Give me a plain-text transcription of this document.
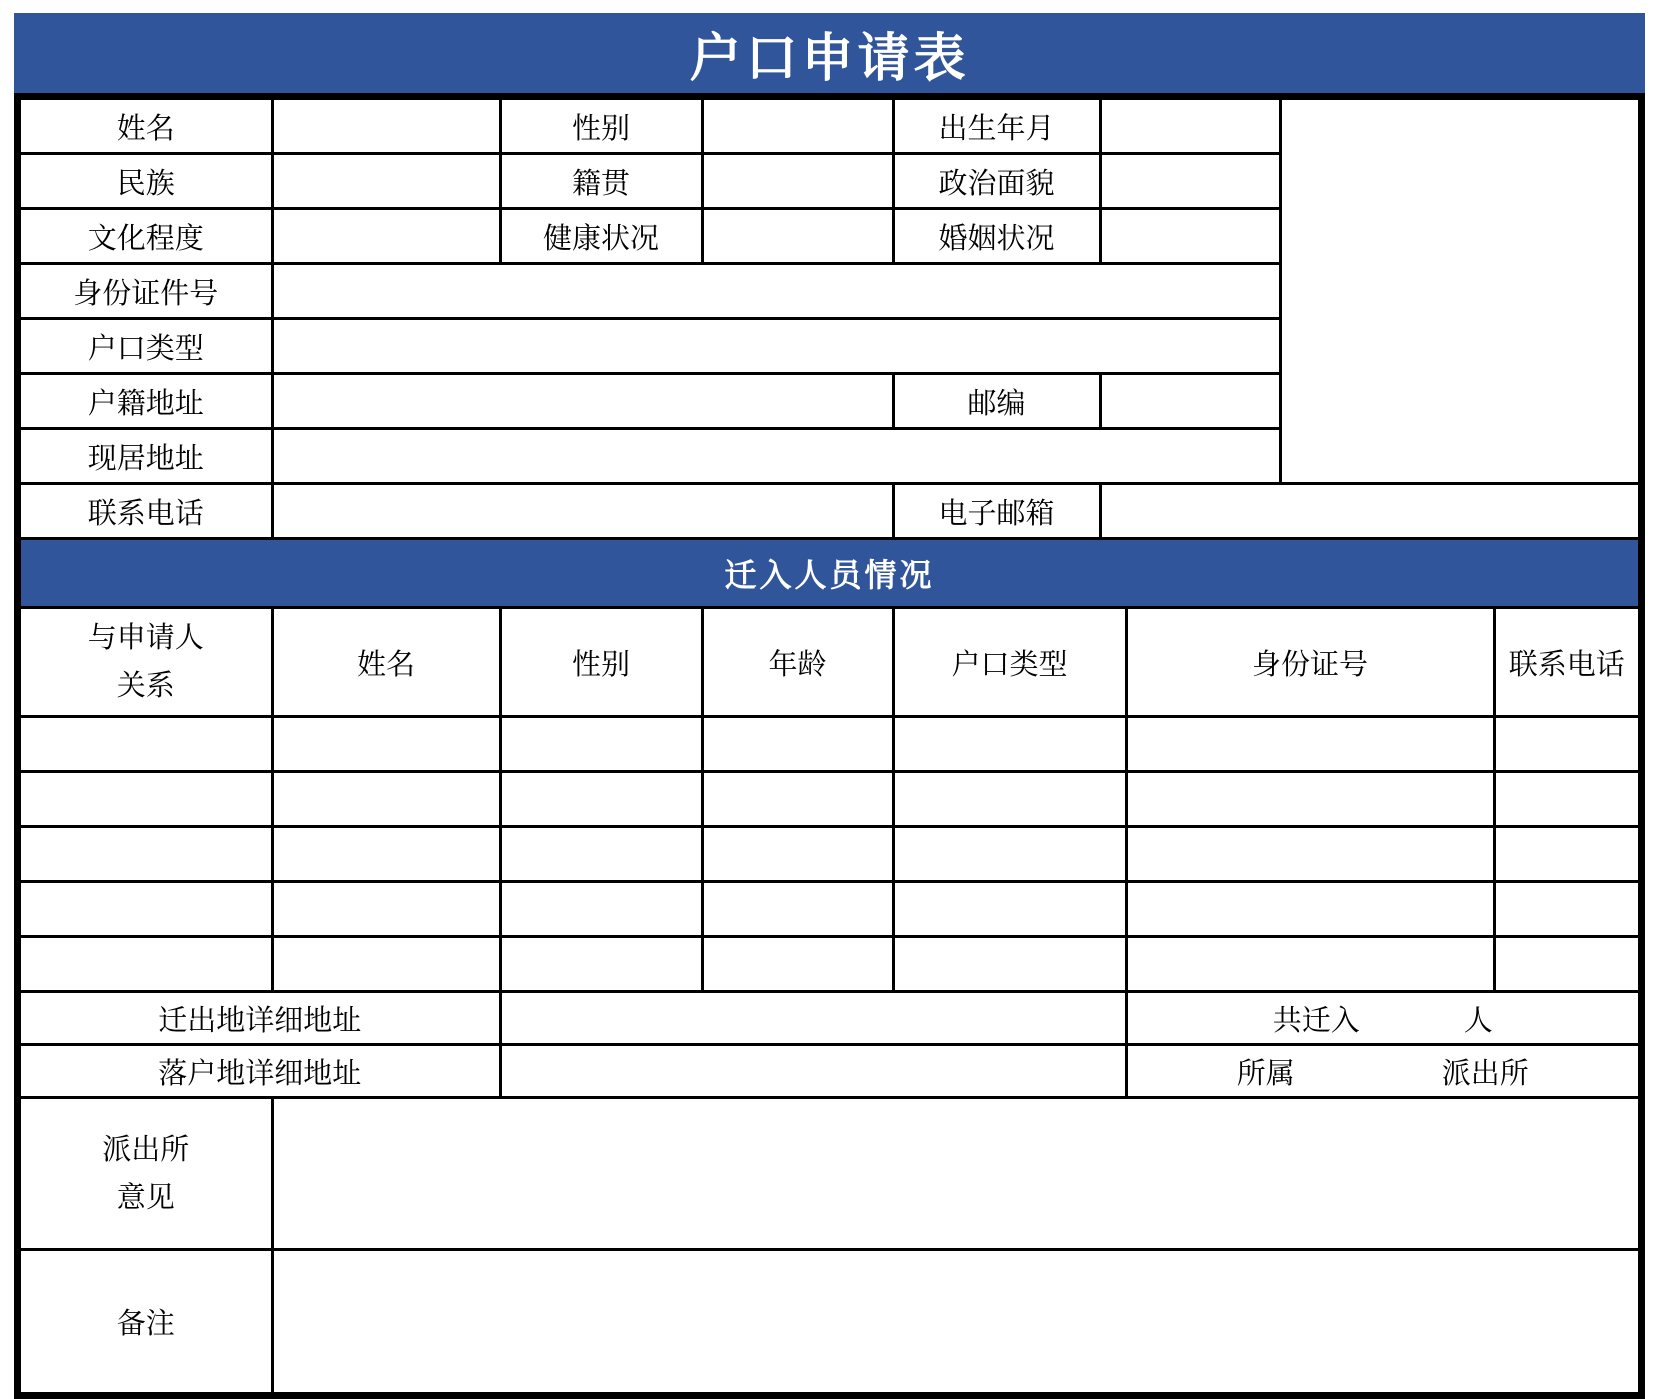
户口申请表
姓名		性别		出生年月		
民族		籍贯		政治面貌		
文化程度		健康状况		婚姻状况		
身份证件号						
户口类型						
户籍地址				邮编		
现居地址						
联系电话				电子邮箱		
迁入人员情况
与申请人
关系	姓名	性别	年龄	户口类型	身份证号	联系电话

迁出地详细地址		共迁入 人

落户地详细地址		所属 派出所
派出所
意见	

备注	
